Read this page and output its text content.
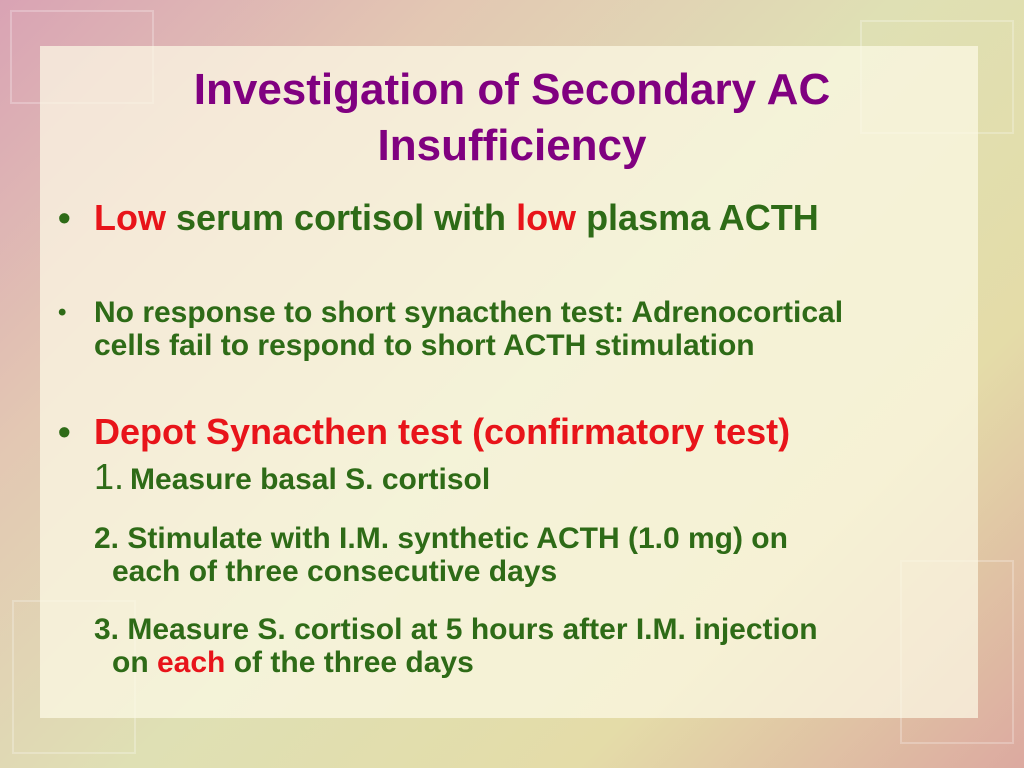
Investigation of Secondary AC
Insufficiency
• Low serum cortisol with low plasma ACTH
• No response to short synacthen test: Adrenocortical
cells fail to respond to short ACTH stimulation
• Depot Synacthen test (confirmatory test)
1. Measure basal S. cortisol
2. Stimulate with I.M. synthetic ACTH (1.0 mg) on
each of three consecutive days
3. Measure S. cortisol at 5 hours after I.M. injection
on each of the three days
